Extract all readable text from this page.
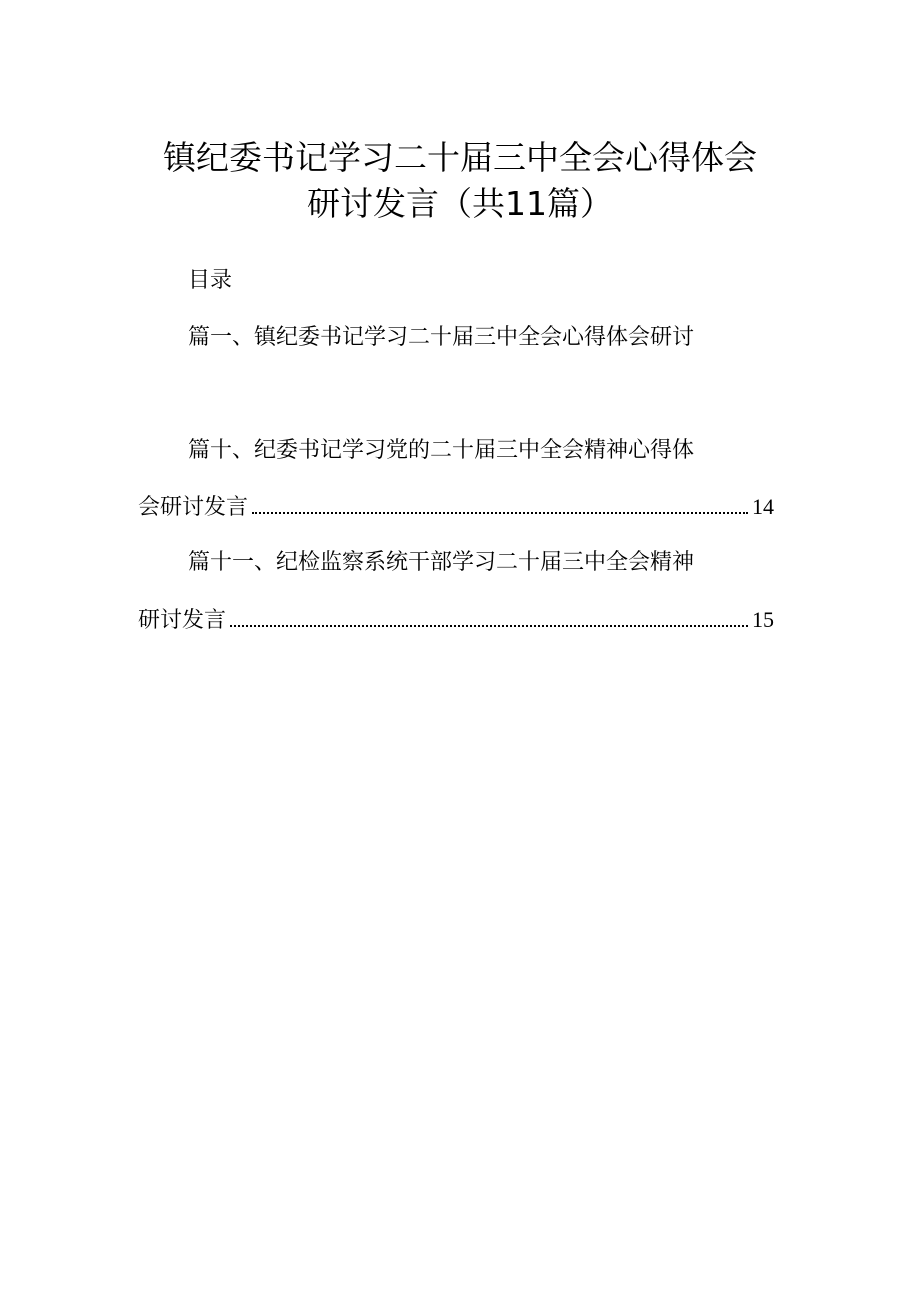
镇纪委书记学习二十届三中全会心得体会
研讨发言（共11篇）
目录
篇一、镇纪委书记学习二十届三中全会心得体会研讨
篇十、纪委书记学习党的二十届三中全会精神心得体
会研讨发言	14
篇十一、纪检监察系统干部学习二十届三中全会精神
研讨发言	15
